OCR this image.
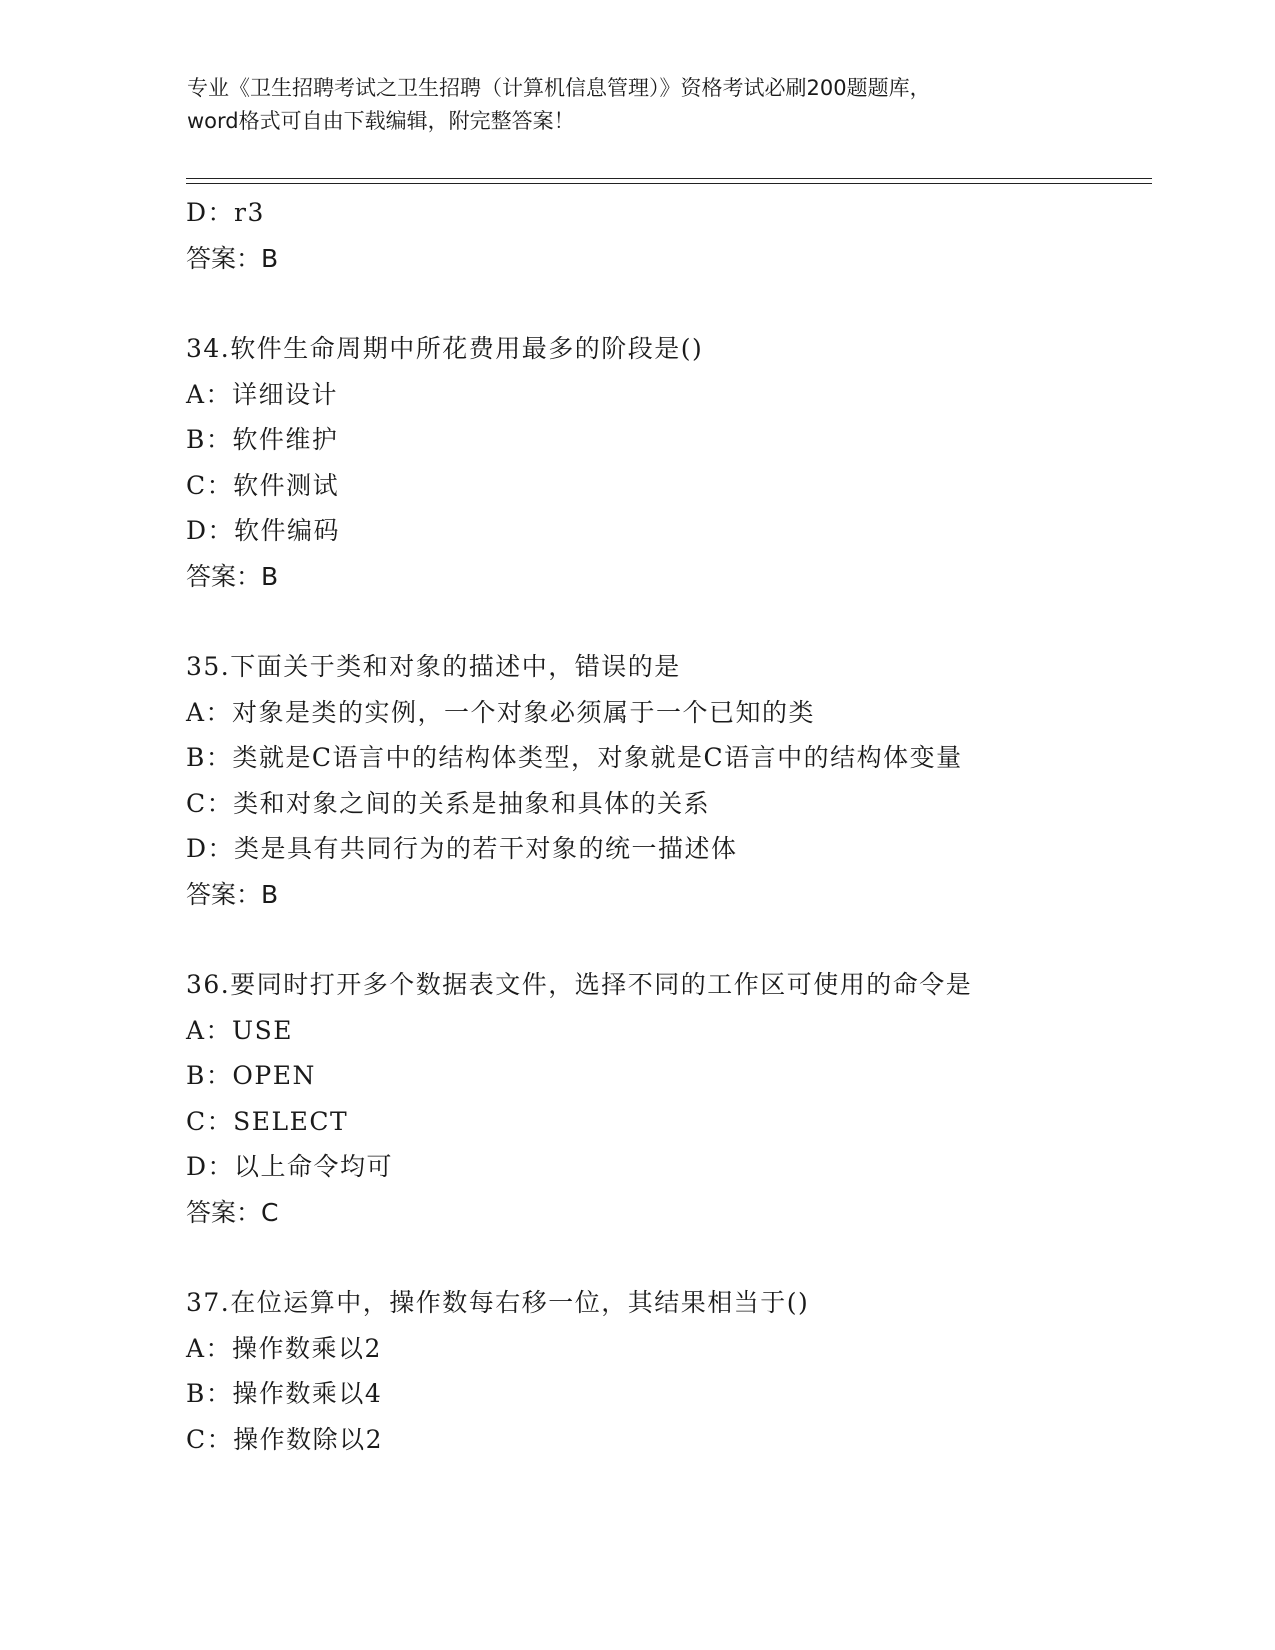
专业《卫生招聘考试之卫生招聘（计算机信息管理）》资格考试必刷200题题库，
word格式可自由下载编辑，附完整答案！
D：r3
答案：B
34.软件生命周期中所花费用最多的阶段是()
A：详细设计
B：软件维护
C：软件测试
D：软件编码
答案：B
35.下面关于类和对象的描述中，错误的是
A：对象是类的实例，一个对象必须属于一个已知的类
B：类就是C语言中的结构体类型，对象就是C语言中的结构体变量
C：类和对象之间的关系是抽象和具体的关系
D：类是具有共同行为的若干对象的统一描述体
答案：B
36.要同时打开多个数据表文件，选择不同的工作区可使用的命令是
A：USE
B：OPEN
C：SELECT
D：以上命令均可
答案：C
37.在位运算中，操作数每右移一位，其结果相当于()
A：操作数乘以2
B：操作数乘以4
C：操作数除以2
